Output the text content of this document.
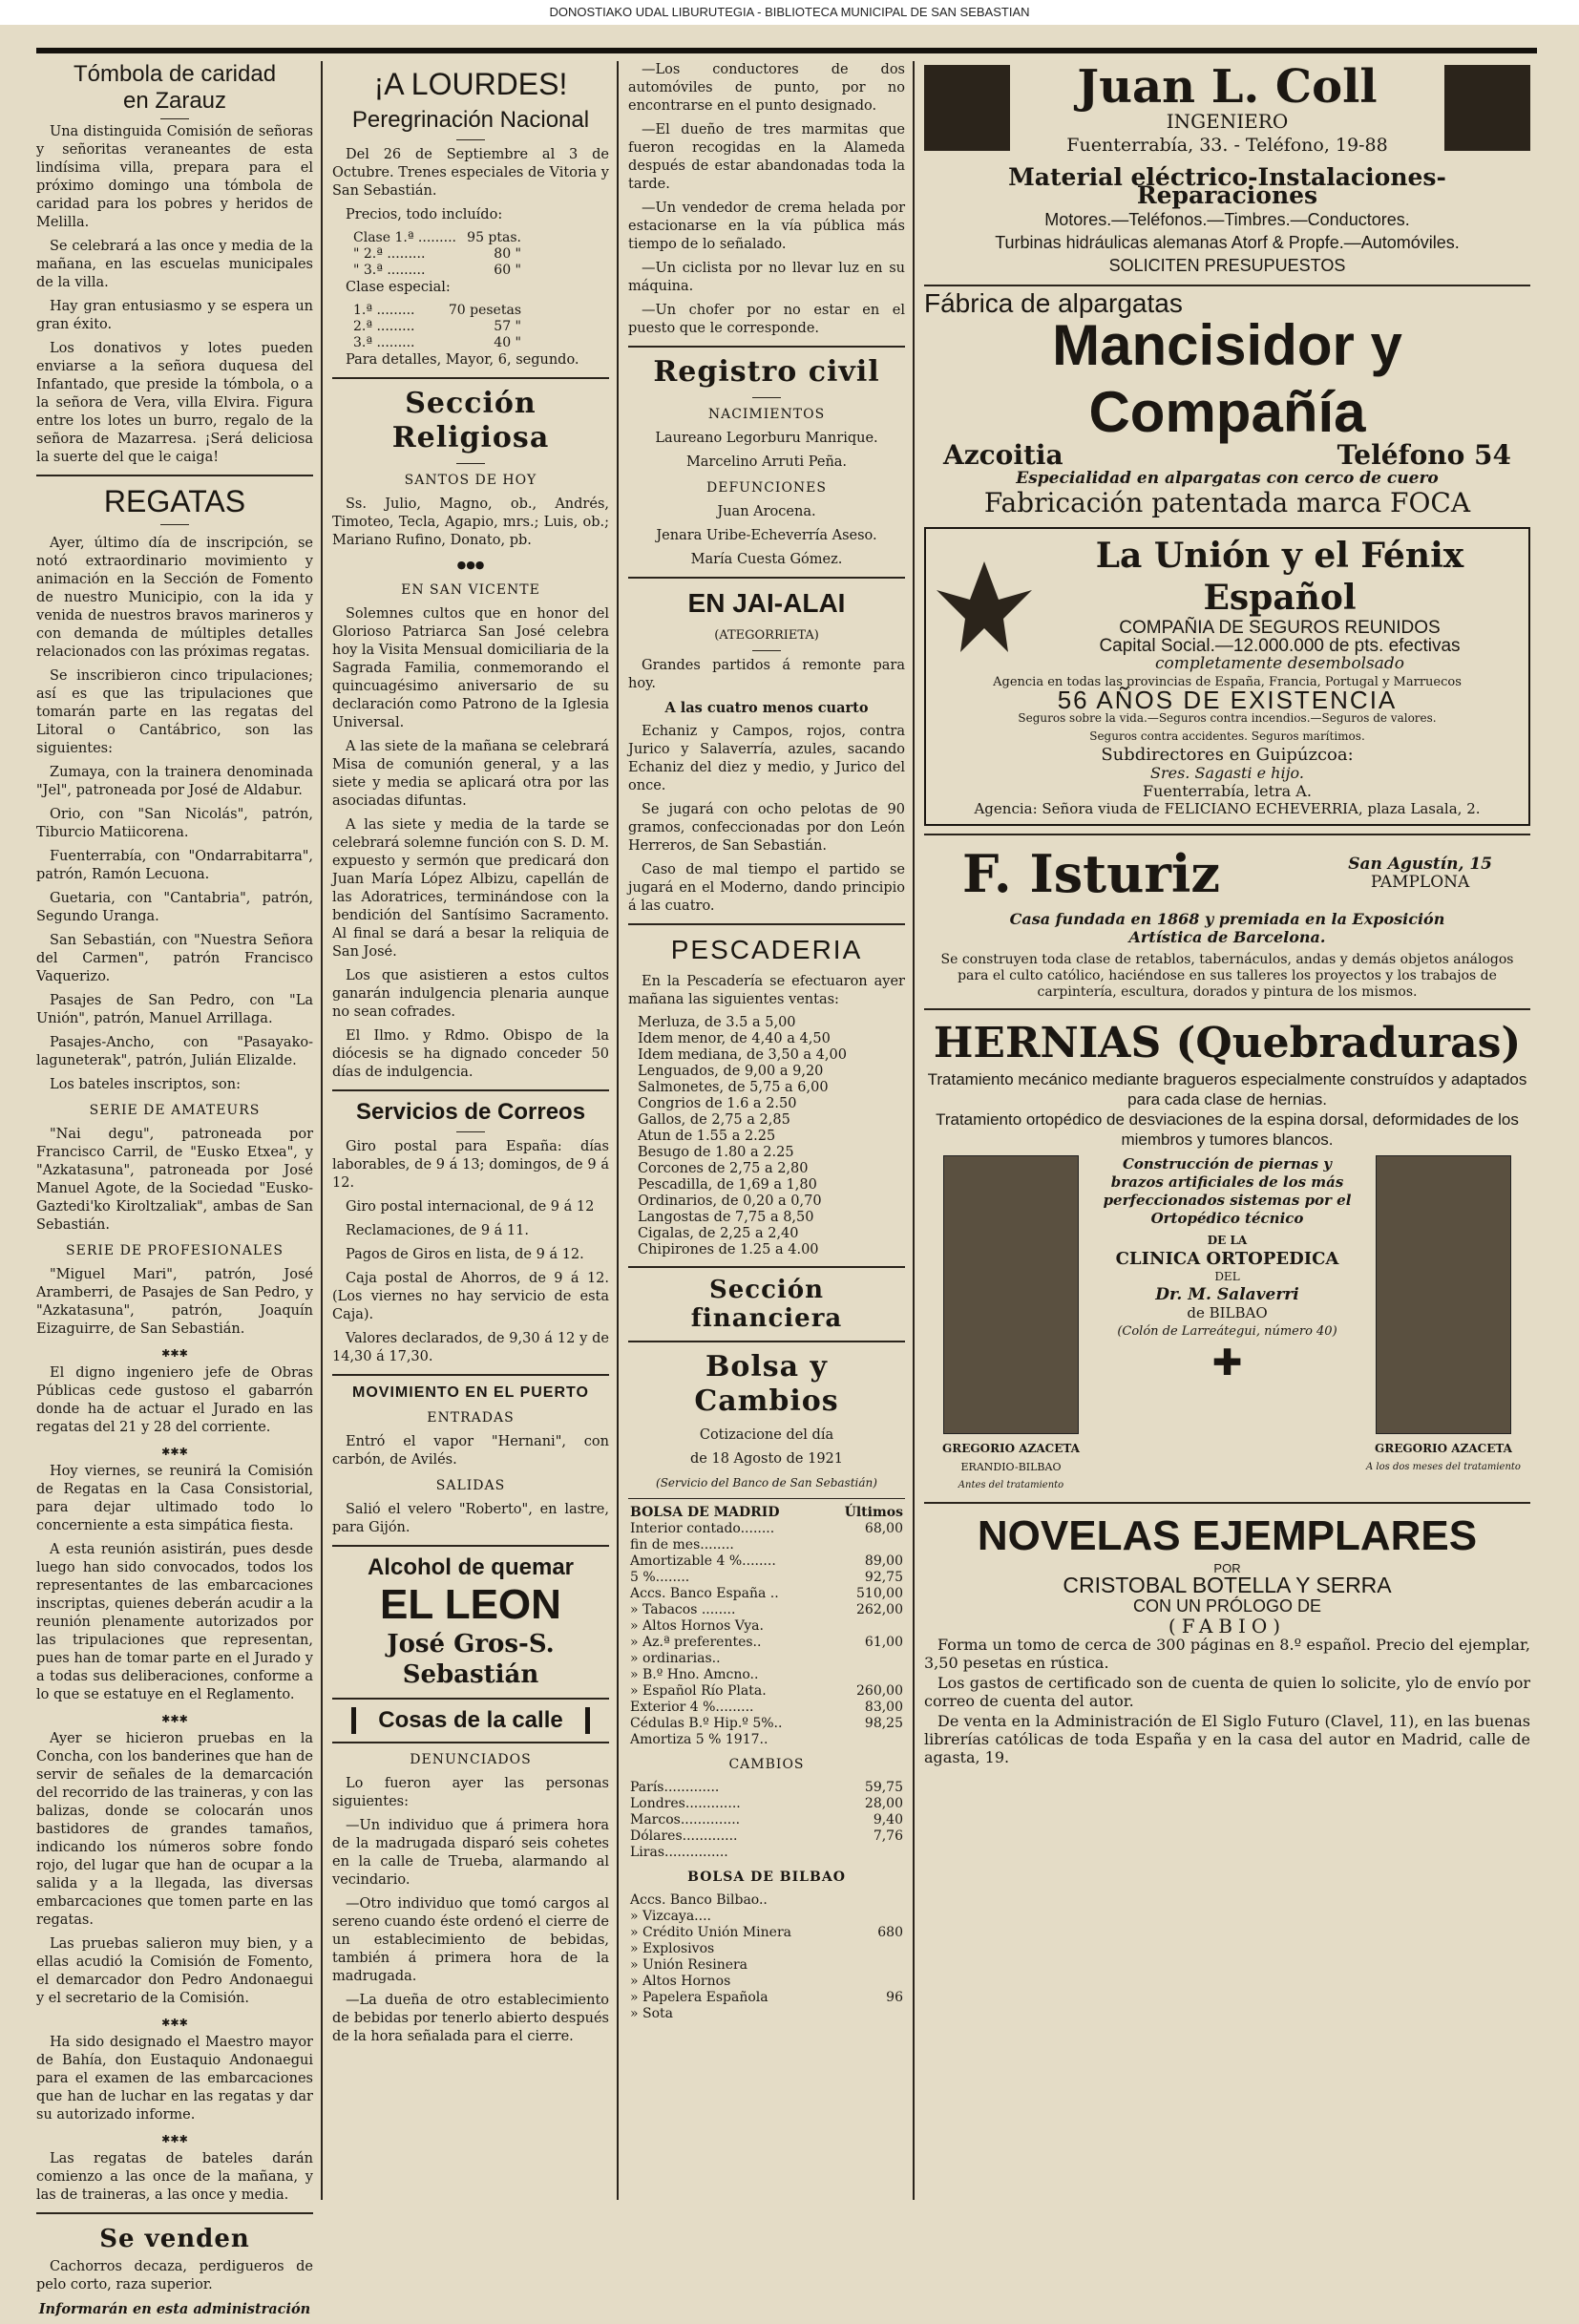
DONOSTIAKO UDAL LIBURUTEGIA - BIBLIOTECA MUNICIPAL DE SAN SEBASTIAN
Tómbola de caridad
en Zarauz

Una distinguida Comisión de señoras y señoritas veraneantes de esta lindísima villa, prepara para el próximo domingo una tómbola de caridad para los pobres y heridos de Melilla.

Se celebrará a las once y media de la mañana, en las escuelas municipales de la villa.

Hay gran entusiasmo y se espera un gran éxito.

Los donativos y lotes pueden enviarse a la señora duquesa del Infantado, que preside la tómbola, o a la señora de Vera, villa Elvira. Figura entre los lotes un burro, regalo de la señora de Mazarresa. ¡Será deliciosa la suerte del que le caiga!

REGATAS

Ayer, último día de inscripción, se notó extraordinario movimiento y animación en la Sección de Fomento de nuestro Municipio, con la ida y venida de nuestros bravos marineros y con demanda de múltiples detalles relacionados con las próximas regatas.

Se inscribieron cinco tripulaciones; así es que las tripulaciones que tomarán parte en las regatas del Litoral o Cantábrico, son las siguientes:

Zumaya, con la trainera denominada "Jel", patroneada por José de Aldabur.

Orio, con "San Nicolás", patrón, Tiburcio Matiicorena.

Fuenterrabía, con "Ondarrabitarra", patrón, Ramón Lecuona.

Guetaria, con "Cantabria", patrón, Segundo Uranga.

San Sebastián, con "Nuestra Señora del Carmen", patrón Francisco Vaquerizo.

Pasajes de San Pedro, con "La Unión", patrón, Manuel Arrillaga.

Pasajes-Ancho, con "Pasayako-laguneterak", patrón, Julián Elizalde.

Los bateles inscriptos, son:

SERIE DE AMATEURS

"Nai degu", patroneada por Francisco Carril, de "Eusko Etxea", y "Azkatasuna", patroneada por José Manuel Agote, de la Sociedad "Eusko-Gaztedi'ko Kiroltzaliak", ambas de San Sebastián.

SERIE DE PROFESIONALES

"Miguel Mari", patrón, José Aramberri, de Pasajes de San Pedro, y "Azkatasuna", patrón, Joaquín Eizaguirre, de San Sebastián.

✱✱✱

El digno ingeniero jefe de Obras Públicas cede gustoso el gabarrón donde ha de actuar el Jurado en las regatas del 21 y 28 del corriente.

✱✱✱

Hoy viernes, se reunirá la Comisión de Regatas en la Casa Consistorial, para dejar ultimado todo lo concerniente a esta simpática fiesta.

A esta reunión asistirán, pues desde luego han sido convocados, todos los representantes de las embarcaciones inscriptas, quienes deberán acudir a la reunión plenamente autorizados por las tripulaciones que representan, pues han de tomar parte en el Jurado y a todas sus deliberaciones, conforme a lo que se estatuye en el Reglamento.

✱✱✱

Ayer se hicieron pruebas en la Concha, con los banderines que han de servir de señales de la demarcación del recorrido de las traineras, y con las balizas, donde se colocarán unos bastidores de grandes tamaños, indicando los números sobre fondo rojo, del lugar que han de ocupar a la salida y a la llegada, las diversas embarcaciones que tomen parte en las regatas.

Las pruebas salieron muy bien, y a ellas acudió la Comisión de Fomento, el demarcador don Pedro Andonaegui y el secretario de la Comisión.

✱✱✱

Ha sido designado el Maestro mayor de Bahía, don Eustaquio Andonaegui para el examen de las embarcaciones que han de luchar en las regatas y dar su autorizado informe.

✱✱✱

Las regatas de bateles darán comienzo a las once de la mañana, y las de traineras, a las once y media.

Se venden

Cachorros decaza, perdigueros de pelo corto, raza superior.

Informarán en esta administración

¡A LOURDES!
Peregrinación Nacional

Del 26 de Septiembre al 3 de Octubre. Trenes especiales de Vitoria y San Sebastián.

Precios, todo incluído:

Clase 1.ª .........	95 ptas.
" 2.ª .........	80 "
" 3.ª .........	60 "

Clase especial:

1.ª .........	70 pesetas
2.ª .........	57 "
3.ª .........	40 "

Para detalles, Mayor, 6, segundo.

Sección Religiosa
SANTOS DE HOY

Ss. Julio, Magno, ob., Andrés, Timoteo, Tecla, Agapio, mrs.; Luis, ob.; Mariano Rufino, Donato, pb.

●●●
EN SAN VICENTE

Solemnes cultos que en honor del Glorioso Patriarca San José celebra hoy la Visita Mensual domiciliaria de la Sagrada Familia, conmemorando el quincuagésimo aniversario de su declaración como Patrono de la Iglesia Universal.

A las siete de la mañana se celebrará Misa de comunión general, y a las siete y media se aplicará otra por las asociadas difuntas.

A las siete y media de la tarde se celebrará solemne función con S. D. M. expuesto y sermón que predicará don Juan María López Albizu, capellán de las Adoratrices, terminándose con la bendición del Santísimo Sacramento. Al final se dará a besar la reliquia de San José.

Los que asistieren a estos cultos ganarán indulgencia plenaria aunque no sean cofrades.

El Ilmo. y Rdmo. Obispo de la diócesis se ha dignado conceder 50 días de indulgencia.

Servicios de Correos

Giro postal para España: días laborables, de 9 á 13; domingos, de 9 á 12.

Giro postal internacional, de 9 á 12

Reclamaciones, de 9 á 11.

Pagos de Giros en lista, de 9 á 12.

Caja postal de Ahorros, de 9 á 12. (Los viernes no hay servicio de esta Caja).

Valores declarados, de 9,30 á 12 y de 14,30 á 17,30.

MOVIMIENTO EN EL PUERTO
ENTRADAS

Entró el vapor "Hernani", con carbón, de Avilés.

SALIDAS

Salió el velero "Roberto", en lastre, para Gijón.

Alcohol de quemar
EL LEON
José Gros-S. Sebastián
Cosas de la calle
DENUNCIADOS

Lo fueron ayer las personas siguientes:

—Un individuo que á primera hora de la madrugada disparó seis cohetes en la calle de Trueba, alarmando al vecindario.

—Otro individuo que tomó cargos al sereno cuando éste ordenó el cierre de un establecimiento de bebidas, también á primera hora de la madrugada.

—La dueña de otro establecimiento de bebidas por tenerlo abierto después de la hora señalada para el cierre.

—Los conductores de dos automóviles de punto, por no encontrarse en el punto designado.

—El dueño de tres marmitas que fueron recogidas en la Alameda después de estar abandonadas toda la tarde.

—Un vendedor de crema helada por estacionarse en la vía pública más tiempo de lo señalado.

—Un ciclista por no llevar luz en su máquina.

—Un chofer por no estar en el puesto que le corresponde.

Registro civil
NACIMIENTOS

Laureano Legorburu Manrique.

Marcelino Arruti Peña.

DEFUNCIONES

Juan Arocena.

Jenara Uribe-Echeverría Aseso.

María Cuesta Gómez.

EN JAI-ALAI
(ATEGORRIETA)

Grandes partidos á remonte para hoy.

A las cuatro menos cuarto

Echaniz y Campos, rojos, contra Jurico y Salaverría, azules, sacando Echaniz del diez y medio, y Jurico del once.

Se jugará con ocho pelotas de 90 gramos, confeccionadas por don León Herreros, de San Sebastián.

Caso de mal tiempo el partido se jugará en el Moderno, dando principio á las cuatro.

PESCADERIA

En la Pescadería se efectuaron ayer mañana las siguientes ventas:

Merluza, de 3.5 a 5,00
Idem menor, de 4,40 a 4,50
Idem mediana, de 3,50 a 4,00
Lenguados, de 9,00 a 9,20
Salmonetes, de 5,75 a 6,00
Congrios de 1.6 a 2.50
Gallos, de 2,75 a 2,85
Atun de 1.55 a 2.25
Besugo de 1.80 a 2.25
Corcones de 2,75 a 2,80
Pescadilla, de 1,69 a 1,80
Ordinarios, de 0,20 a 0,70
Langostas de 7,75 a 8,50
Cigalas, de 2,25 a 2,40
Chipirones de 1.25 a 4.00
Sección
financiera
Bolsa y Cambios

Cotizacione del día

de 18 Agosto de 1921

(Servicio del Banco de San Sebastián)

BOLSA DE MADRID	Últimos
Interior contado........	68,00
fin de mes........	
Amortizable 4 %........	89,00
5 %........	92,75
Accs. Banco España ..	510,00
» Tabacos ........	262,00
» Altos Hornos Vya.	
» Az.ª preferentes..	61,00
» ordinarias..	
» B.º Hno. Amcno..	
» Español Río Plata.	260,00
Exterior 4 %.........	83,00
Cédulas B.º Hip.º 5%..	98,25
Amortiza 5 % 1917..	
CAMBIOS
París.............	59,75
Londres.............	28,00
Marcos..............	9,40
Dólares.............	7,76
Liras...............	
BOLSA DE BILBAO
Accs. Banco Bilbao..	
» Vizcaya....	
» Crédito Unión Minera	680
» Explosivos	
» Unión Resinera	
» Altos Hornos	
» Papelera Española	96
» Sota	
Juan L. Coll
INGENIERO
Fuenterrabía, 33. - Teléfono, 19-88
Material eléctrico-Instalaciones-Reparaciones
Motores.—Teléfonos.—Timbres.—Conductores.
Turbinas hidráulicas alemanas Atorf & Propfe.—Automóviles.
SOLICITEN PRESUPUESTOS
Fábrica de alpargatas
Mancisidor y Compañía
Azcoitia	Teléfono 54
Especialidad en alpargatas con cerco de cuero
Fabricación patentada marca FOCA
La Unión y el Fénix Español
COMPAÑIA DE SEGUROS REUNIDOS
Capital Social.—12.000.000 de pts. efectivas
completamente desembolsado
Agencia en todas las provincias de España, Francia, Portugal y Marruecos
56 AÑOS DE EXISTENCIA
Seguros sobre la vida.—Seguros contra incendios.—Seguros de valores.
Seguros contra accidentes. Seguros marítimos.
Subdirectores en Guipúzcoa:
Sres. Sagasti e hijo.
Fuenterrabía, letra A.
Agencia: Señora viuda de FELICIANO ECHEVERRIA, plaza Lasala, 2.
F. Isturiz	San Agustín, 15
PAMPLONA
Casa fundada en 1868 y premiada en la Exposición Artística de Barcelona.
Se construyen toda clase de retablos, tabernáculos, andas y demás objetos análogos para el culto católico, haciéndose en sus talleres los proyectos y los trabajos de carpintería, escultura, dorados y pintura de los mismos.
HERNIAS (Quebraduras)
Tratamiento mecánico mediante bragueros especialmente construídos y adaptados para cada clase de hernias.
Tratamiento ortopédico de desviaciones de la espina dorsal, deformidades de los miembros y tumores blancos.
GREGORIO AZACETA
ERANDIO-BILBAO
Antes del tratamiento
Construcción de piernas y brazos artificiales de los más perfeccionados sistemas por el Ortopédico técnico
DE LA
CLINICA ORTOPEDICA
DEL
Dr. M. Salaverri
de BILBAO
(Colón de Larreátegui, número 40)
✚
GREGORIO AZACETA
A los dos meses del tratamiento
NOVELAS EJEMPLARES
POR
CRISTOBAL BOTELLA Y SERRA
CON UN PRÓLOGO DE
(FABIO)

Forma un tomo de cerca de 300 páginas en 8.º español. Precio del ejemplar, 3,50 pesetas en rústica.

Los gastos de certificado son de cuenta de quien lo solicite, ylo de envío por correo de cuenta del autor.

De venta en la Administración de El Siglo Futuro (Clavel, 11), en las buenas librerías católicas de toda España y en la casa del autor en Madrid, calle de agasta, 19.
